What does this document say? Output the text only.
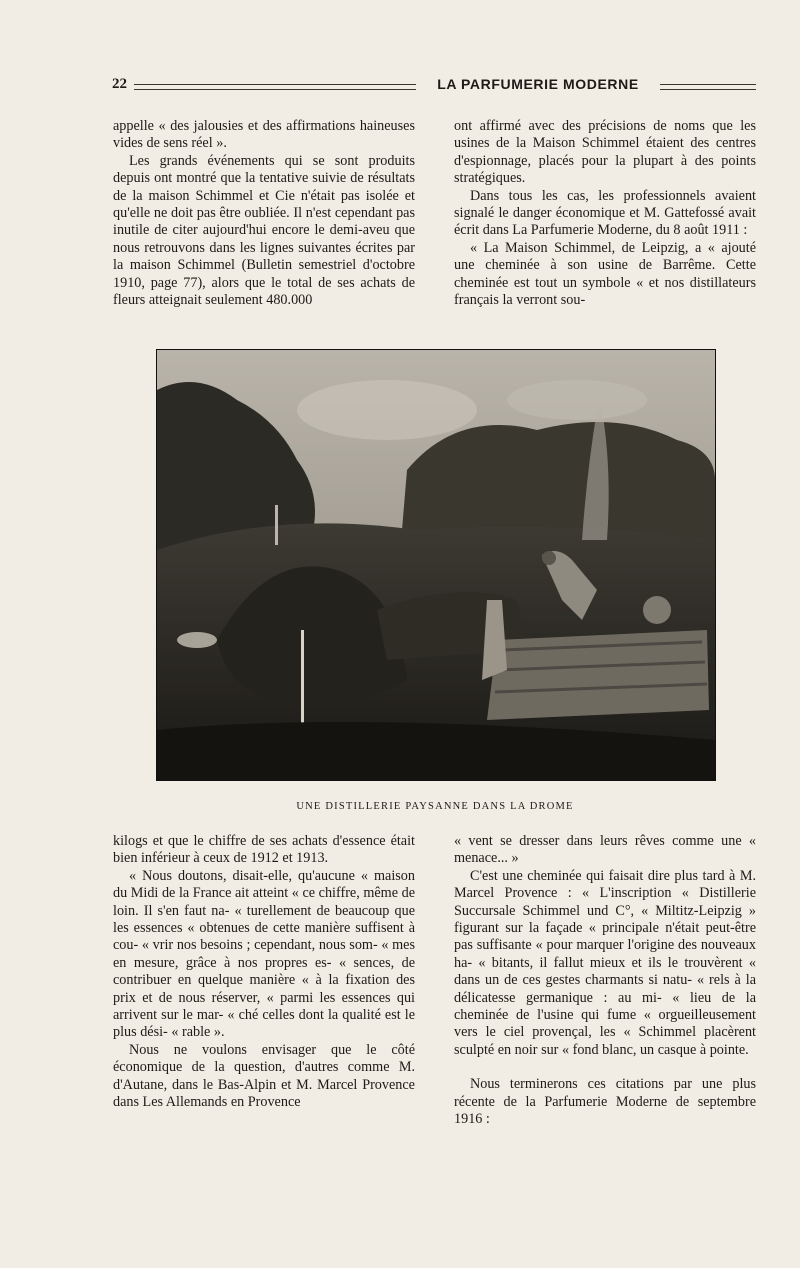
22	LA PARFUMERIE MODERNE

appelle « des jalousies et des affirmations haineuses vides de sens réel ».

Les grands événements qui se sont produits depuis ont montré que la tentative suivie de résultats de la maison Schimmel et Cie n'était pas isolée et qu'elle ne doit pas être oubliée. Il n'est cependant pas inutile de citer aujourd'hui encore le demi-aveu que nous retrouvons dans les lignes suivantes écrites par la maison Schimmel (Bulletin semestriel d'octobre 1910, page 77), alors que le total de ses achats de fleurs atteignait seulement 480.000

ont affirmé avec des précisions de noms que les usines de la Maison Schimmel étaient des centres d'espionnage, placés pour la plupart à des points stratégiques.

Dans tous les cas, les professionnels avaient signalé le danger économique et M. Gattefossé avait écrit dans La Parfumerie Moderne, du 8 août 1911 :

« La Maison Schimmel, de Leipzig, a « ajouté une cheminée à son usine de Barrême. Cette cheminée est tout un symbole « et nos distillateurs français la verront sou-

UNE DISTILLERIE PAYSANNE DANS LA DROME

kilogs et que le chiffre de ses achats d'essence était bien inférieur à ceux de 1912 et 1913.

« Nous doutons, disait-elle, qu'aucune « maison du Midi de la France ait atteint « ce chiffre, même de loin. Il s'en faut na- « turellement de beaucoup que les essences « obtenues de cette manière suffisent à cou- « vrir nos besoins ; cependant, nous som- « mes en mesure, grâce à nos propres es- « sences, de contribuer en quelque manière « à la fixation des prix et de nous réserver, « parmi les essences qui arrivent sur le mar- « ché celles dont la qualité est le plus dési- « rable ».

Nous ne voulons envisager que le côté économique de la question, d'autres comme M. d'Autane, dans le Bas-Alpin et M. Marcel Provence dans Les Allemands en Provence

« vent se dresser dans leurs rêves comme une « menace... »

C'est une cheminée qui faisait dire plus tard à M. Marcel Provence : « L'inscription « Distillerie Succursale Schimmel und C°, « Miltitz-Leipzig » figurant sur la façade « principale n'était peut-être pas suffisante « pour marquer l'origine des nouveaux ha- « bitants, il fallut mieux et ils le trouvèrent « dans un de ces gestes charmants si natu- « rels à la délicatesse germanique : au mi- « lieu de la cheminée de l'usine qui fume « orgueilleusement vers le ciel provençal, les « Schimmel placèrent sculpté en noir sur « fond blanc, un casque à pointe.

Nous terminerons ces citations par une plus récente de la Parfumerie Moderne de septembre 1916 :
